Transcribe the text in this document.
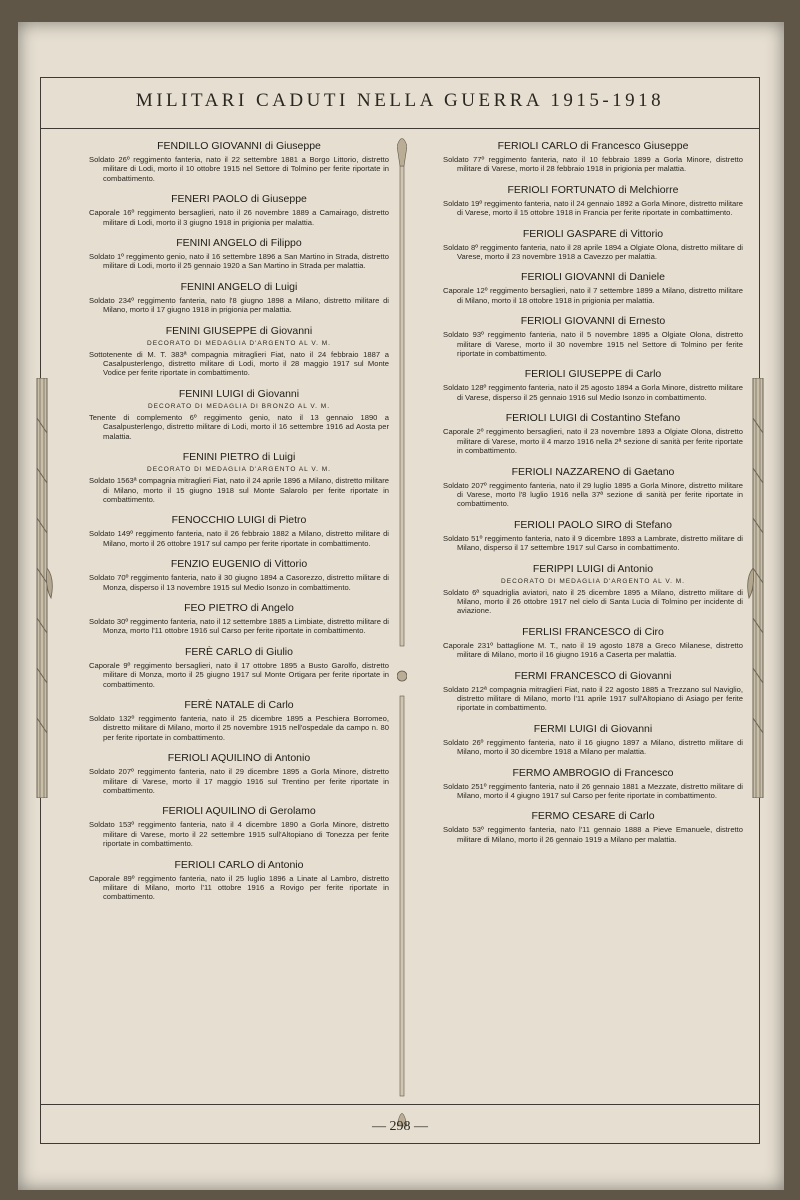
MILITARI CADUTI NELLA GUERRA 1915-1918
FENDILLO GIOVANNI di Giuseppe
Soldato 26º reggimento fanteria, nato il 22 settembre 1881 a Borgo Littorio, distretto militare di Lodi, morto il 10 ottobre 1915 nel Settore di Tolmino per ferite riportate in combattimento.
FENERI PAOLO di Giuseppe
Caporale 16º reggimento bersaglieri, nato il 26 novembre 1889 a Camairago, distretto militare di Lodi, morto il 3 giugno 1918 in prigionia per malattia.
FENINI ANGELO di Filippo
Soldato 1º reggimento genio, nato il 16 settembre 1896 a San Martino in Strada, distretto militare di Lodi, morto il 25 gennaio 1920 a San Martino in Strada per malattia.
FENINI ANGELO di Luigi
Soldato 234º reggimento fanteria, nato l'8 giugno 1898 a Milano, distretto militare di Milano, morto il 17 giugno 1918 in prigionia per malattia.
FENINI GIUSEPPE di Giovanni
DECORATO DI MEDAGLIA D'ARGENTO AL V. M.
Sottotenente di M. T. 383ª compagnia mitraglieri Fiat, nato il 24 febbraio 1887 a Casalpusterlengo, distretto militare di Lodi, morto il 28 maggio 1917 sul Monte Vodice per ferite riportate in combattimento.
FENINI LUIGI di Giovanni
DECORATO DI MEDAGLIA DI BRONZO AL V. M.
Tenente di complemento 6º reggimento genio, nato il 13 gennaio 1890 a Casalpusterlengo, distretto militare di Lodi, morto il 16 settembre 1916 ad Aosta per malattia.
FENINI PIETRO di Luigi
DECORATO DI MEDAGLIA D'ARGENTO AL V. M.
Soldato 1563ª compagnia mitraglieri Fiat, nato il 24 aprile 1896 a Milano, distretto militare di Milano, morto il 15 giugno 1918 sul Monte Salarolo per ferite riportate in combattimento.
FENOCCHIO LUIGI di Pietro
Soldato 149º reggimento fanteria, nato il 26 febbraio 1882 a Milano, distretto militare di Milano, morto il 26 ottobre 1917 sul campo per ferite riportate in combattimento.
FENZIO EUGENIO di Vittorio
Soldato 70º reggimento fanteria, nato il 30 giugno 1894 a Casorezzo, distretto militare di Monza, disperso il 13 novembre 1915 sul Medio Isonzo in combattimento.
FEO PIETRO di Angelo
Soldato 30º reggimento fanteria, nato il 12 settembre 1885 a Limbiate, distretto militare di Monza, morto l'11 ottobre 1916 sul Carso per ferite riportate in combattimento.
FERÈ CARLO di Giulio
Caporale 9º reggimento bersaglieri, nato il 17 ottobre 1895 a Busto Garolfo, distretto militare di Monza, morto il 25 giugno 1917 sul Monte Ortigara per ferite riportate in combattimento.
FERÈ NATALE di Carlo
Soldato 132º reggimento fanteria, nato il 25 dicembre 1895 a Peschiera Borromeo, distretto militare di Milano, morto il 25 novembre 1915 nell'ospedale da campo n. 80 per ferite riportate in combattimento.
FERIOLI AQUILINO di Antonio
Soldato 207º reggimento fanteria, nato il 29 dicembre 1895 a Gorla Minore, distretto militare di Varese, morto il 17 maggio 1916 sul Trentino per ferite riportate in combattimento.
FERIOLI AQUILINO di Gerolamo
Soldato 153º reggimento fanteria, nato il 4 dicembre 1890 a Gorla Minore, distretto militare di Varese, morto il 22 settembre 1915 sull'Altopiano di Tonezza per ferite riportate in combattimento.
FERIOLI CARLO di Antonio
Caporale 89º reggimento fanteria, nato il 25 luglio 1896 a Linate al Lambro, distretto militare di Milano, morto l'11 ottobre 1916 a Rovigo per ferite riportate in combattimento.
FERIOLI CARLO di Francesco Giuseppe
Soldato 77º reggimento fanteria, nato il 10 febbraio 1899 a Gorla Minore, distretto militare di Varese, morto il 28 febbraio 1918 in prigionia per malattia.
FERIOLI FORTUNATO di Melchiorre
Soldato 19º reggimento fanteria, nato il 24 gennaio 1892 a Gorla Minore, distretto militare di Varese, morto il 15 ottobre 1918 in Francia per ferite riportate in combattimento.
FERIOLI GASPARE di Vittorio
Soldato 8º reggimento fanteria, nato il 28 aprile 1894 a Olgiate Olona, distretto militare di Varese, morto il 23 novembre 1918 a Cavezzo per malattia.
FERIOLI GIOVANNI di Daniele
Caporale 12º reggimento bersaglieri, nato il 7 settembre 1899 a Milano, distretto militare di Milano, morto il 18 ottobre 1918 in prigionia per malattia.
FERIOLI GIOVANNI di Ernesto
Soldato 93º reggimento fanteria, nato il 5 novembre 1895 a Olgiate Olona, distretto militare di Varese, morto il 30 novembre 1915 nel Settore di Tolmino per ferite riportate in combattimento.
FERIOLI GIUSEPPE di Carlo
Soldato 128º reggimento fanteria, nato il 25 agosto 1894 a Gorla Minore, distretto militare di Varese, disperso il 25 gennaio 1916 sul Medio Isonzo in combattimento.
FERIOLI LUIGI di Costantino Stefano
Caporale 2º reggimento bersaglieri, nato il 23 novembre 1893 a Olgiate Olona, distretto militare di Varese, morto il 4 marzo 1916 nella 2ª sezione di sanità per ferite riportate in combattimento.
FERIOLI NAZZARENO di Gaetano
Soldato 207º reggimento fanteria, nato il 29 luglio 1895 a Gorla Minore, distretto militare di Varese, morto l'8 luglio 1916 nella 37ª sezione di sanità per ferite riportate in combattimento.
FERIOLI PAOLO SIRO di Stefano
Soldato 51º reggimento fanteria, nato il 9 dicembre 1893 a Lambrate, distretto militare di Milano, disperso il 17 settembre 1917 sul Carso in combattimento.
FERIPPI LUIGI di Antonio
DECORATO DI MEDAGLIA D'ARGENTO AL V. M.
Soldato 6ª squadriglia aviatori, nato il 25 dicembre 1895 a Milano, distretto militare di Milano, morto il 26 ottobre 1917 nel cielo di Santa Lucia di Tolmino per incidente di aviazione.
FERLISI FRANCESCO di Ciro
Caporale 231º battaglione M. T., nato il 19 agosto 1878 a Greco Milanese, distretto militare di Milano, morto il 16 giugno 1916 a Caserta per malattia.
FERMI FRANCESCO di Giovanni
Soldato 212ª compagnia mitraglieri Fiat, nato il 22 agosto 1885 a Trezzano sul Naviglio, distretto militare di Milano, morto l'11 aprile 1917 sull'Altopiano di Asiago per ferite riportate in combattimento.
FERMI LUIGI di Giovanni
Soldato 26º reggimento fanteria, nato il 16 giugno 1897 a Milano, distretto militare di Milano, morto il 30 dicembre 1918 a Milano per malattia.
FERMO AMBROGIO di Francesco
Soldato 251º reggimento fanteria, nato il 26 gennaio 1881 a Mezzate, distretto militare di Milano, morto il 4 giugno 1917 sul Carso per ferite riportate in combattimento.
FERMO CESARE di Carlo
Soldato 53º reggimento fanteria, nato l'11 gennaio 1888 a Pieve Emanuele, distretto militare di Milano, morto il 26 gennaio 1919 a Milano per malattia.
— 298 —
